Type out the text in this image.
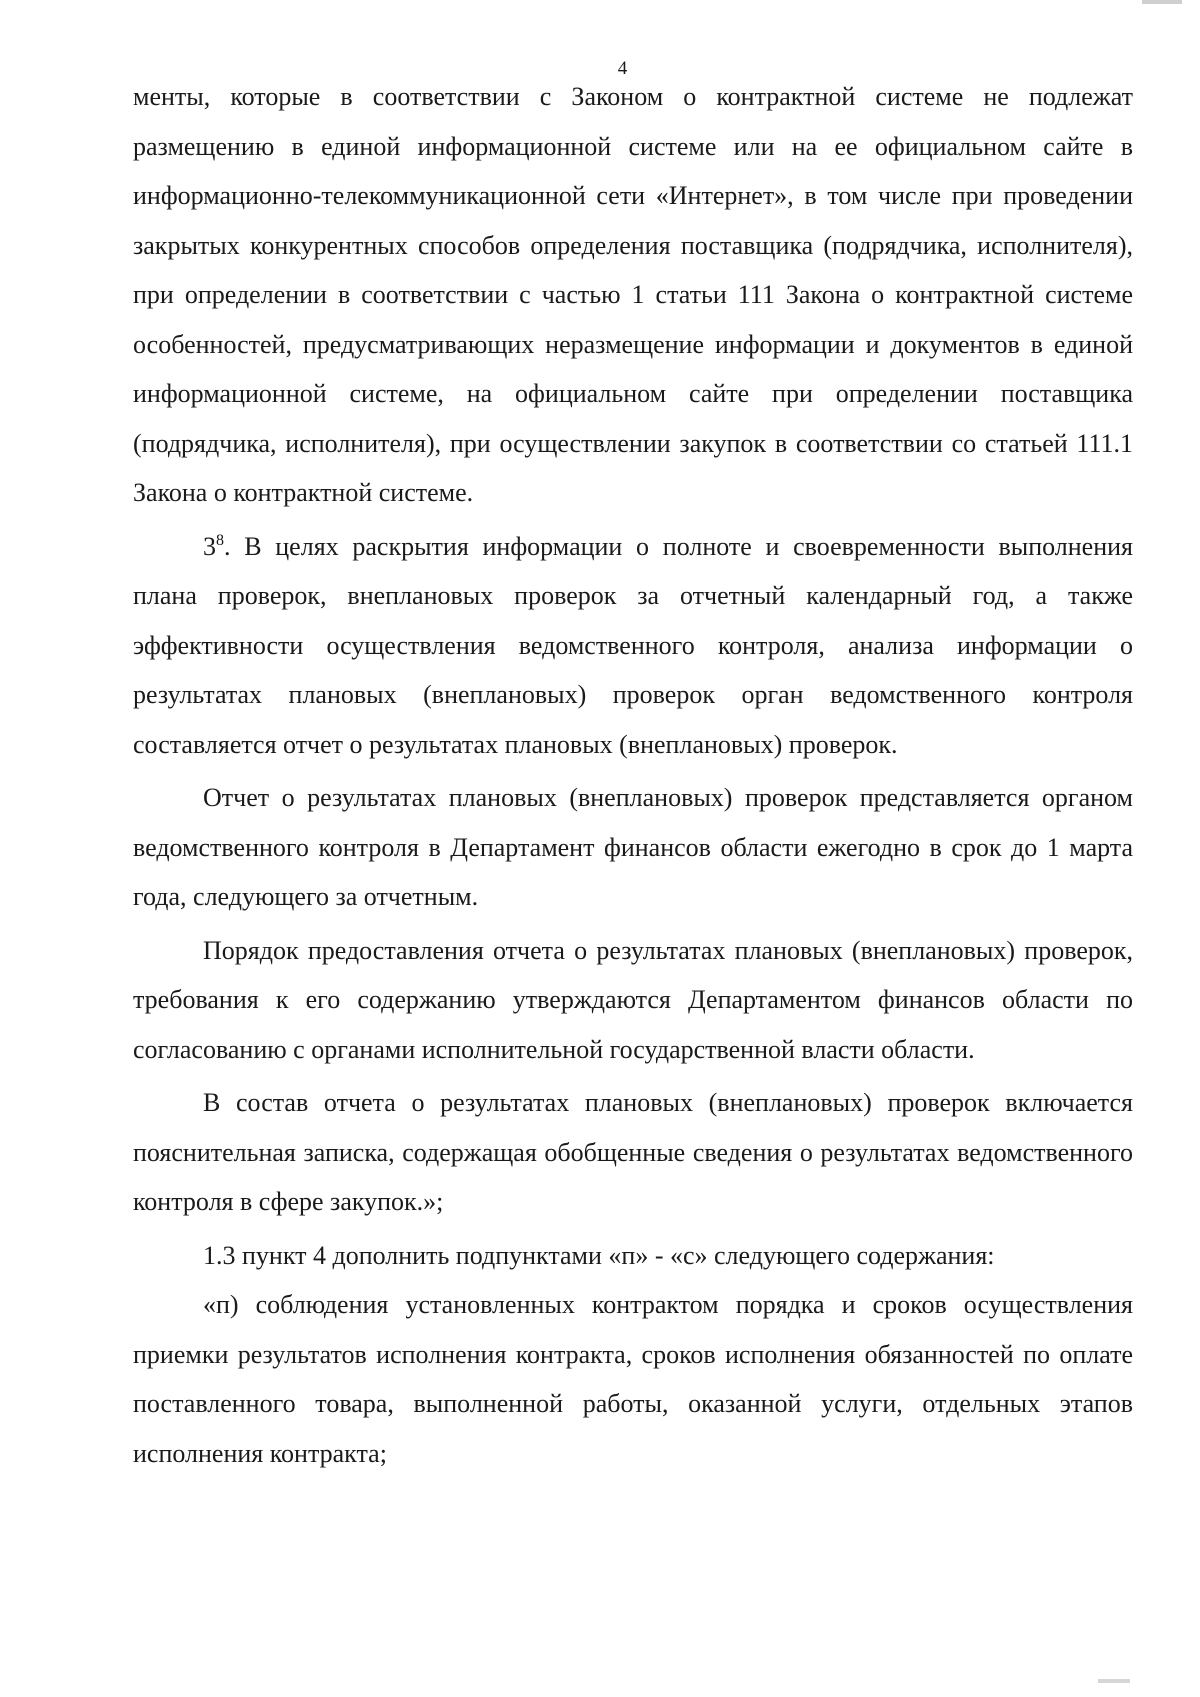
4

менты, которые в соответствии с Законом о контрактной системе не подлежат размещению в единой информационной системе или на ее официальном сайте в информационно-телекоммуникационной сети «Интернет», в том числе при проведении закрытых конкурентных способов определения поставщика (подрядчика, исполнителя), при определении в соответствии с частью 1 статьи 111 Закона о контрактной системе особенностей, предусматривающих неразмещение информации и документов в единой информационной системе, на официальном сайте при определении поставщика (подрядчика, исполнителя), при осуществлении закупок в соответствии со статьей 111.1 Закона о контрактной системе.

$3^8$. В целях раскрытия информации о полноте и своевременности выполнения плана проверок, внеплановых проверок за отчетный календарный год, а также эффективности осуществления ведомственного контроля, анализа информации о результатах плановых (внеплановых) проверок орган ведомственного контроля составляется отчет о результатах плановых (внеплановых) проверок.

Отчет о результатах плановых (внеплановых) проверок представляется органом ведомственного контроля в Департамент финансов области ежегодно в срок до 1 марта года, следующего за отчетным.

Порядок предоставления отчета о результатах плановых (внеплановых) проверок, требования к его содержанию утверждаются Департаментом финансов области по согласованию с органами исполнительной государственной власти области.

В состав отчета о результатах плановых (внеплановых) проверок включается пояснительная записка, содержащая обобщенные сведения о результатах ведомственного контроля в сфере закупок.»;

1.3 пункт 4 дополнить подпунктами «п» - «с» следующего содержания:

«п) соблюдения установленных контрактом порядка и сроков осуществления приемки результатов исполнения контракта, сроков исполнения обязанностей по оплате поставленного товара, выполненной работы, оказанной услуги, отдельных этапов исполнения контракта;
